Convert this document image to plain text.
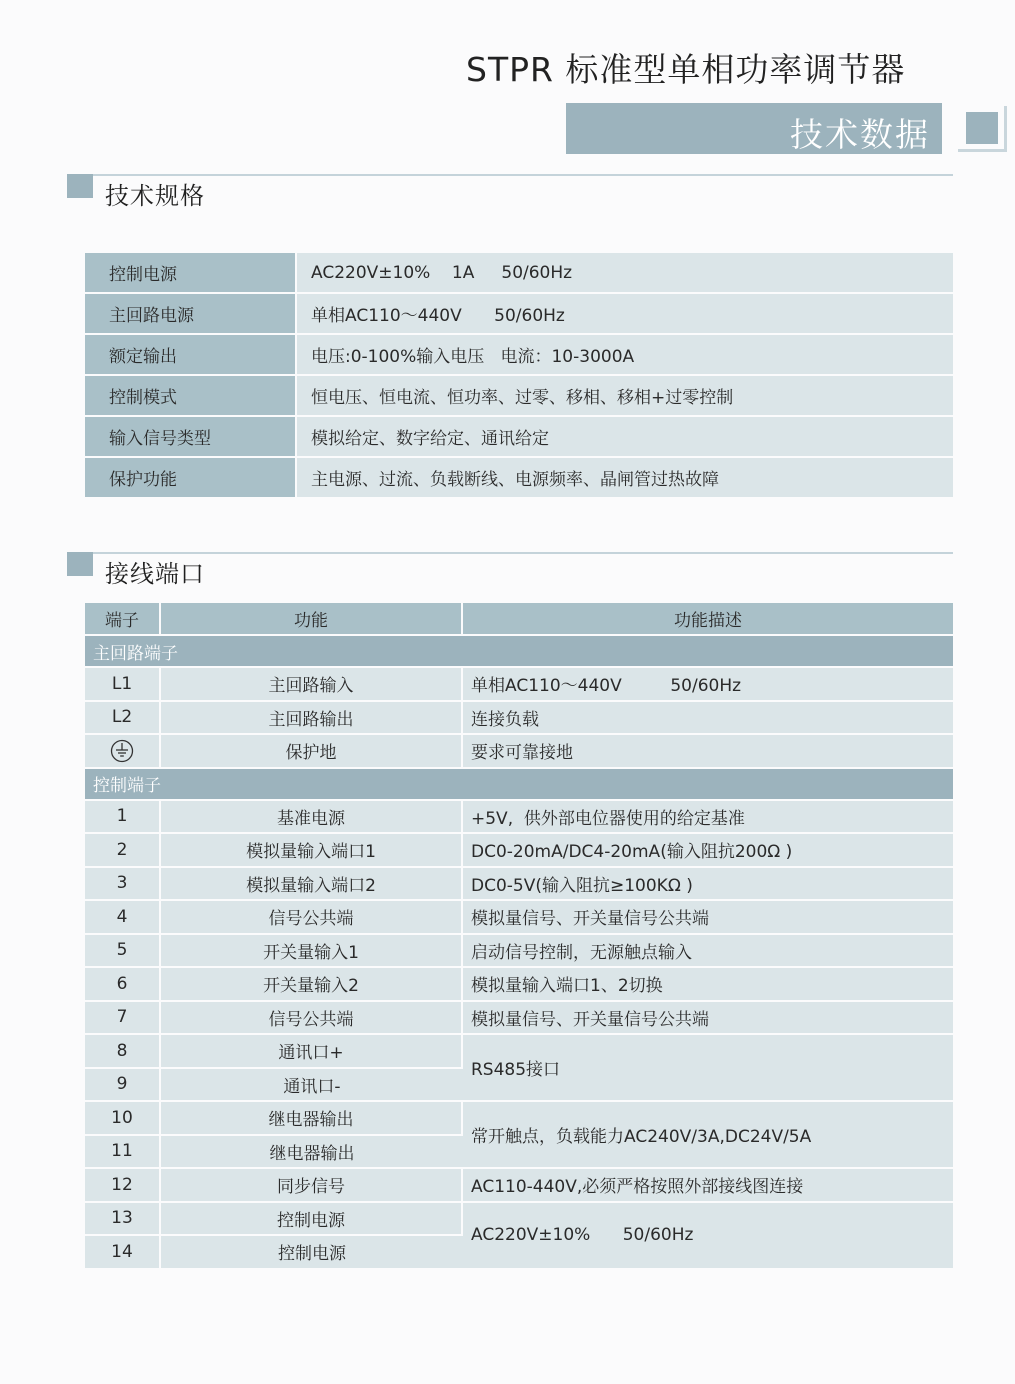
STPR 标准型单相功率调节器
技术数据
技术规格
控制电源	AC220V±10%    1A     50/60Hz
主回路电源	单相AC110～440V      50/60Hz
额定输出	电压:0-100%输入电压   电流：10-3000A
控制模式	恒电压、恒电流、恒功率、过零、移相、移相+过零控制
输入信号类型	模拟给定、数字给定、通讯给定
保护功能	主电源、过流、负载断线、电源频率、晶闸管过热故障
接线端口
端子	功能	功能描述
主回路端子		
L1	主回路输入	单相AC110～440V         50/60Hz
L2	主回路输出	连接负载
	保护地	要求可靠接地
控制端子		
1	基准电源	+5V,  供外部电位器使用的给定基准
2	模拟量输入端口1	DC0-20mA/DC4-20mA(输入阻抗200Ω )
3	模拟量输入端口2	DC0-5V(输入阻抗≥100KΩ )
4	信号公共端	模拟量信号、开关量信号公共端
5	开关量输入1	启动信号控制，无源触点输入
6	开关量输入2	模拟量输入端口1、2切换
7	信号公共端	模拟量信号、开关量信号公共端
8	通讯口+	RS485接口
9	通讯口-	
10	继电器输出	常开触点，负载能力AC240V/3A,DC24V/5A
11	继电器输出	
12	同步信号	AC110-440V,必须严格按照外部接线图连接
13	控制电源	AC220V±10%      50/60Hz
14	控制电源	
